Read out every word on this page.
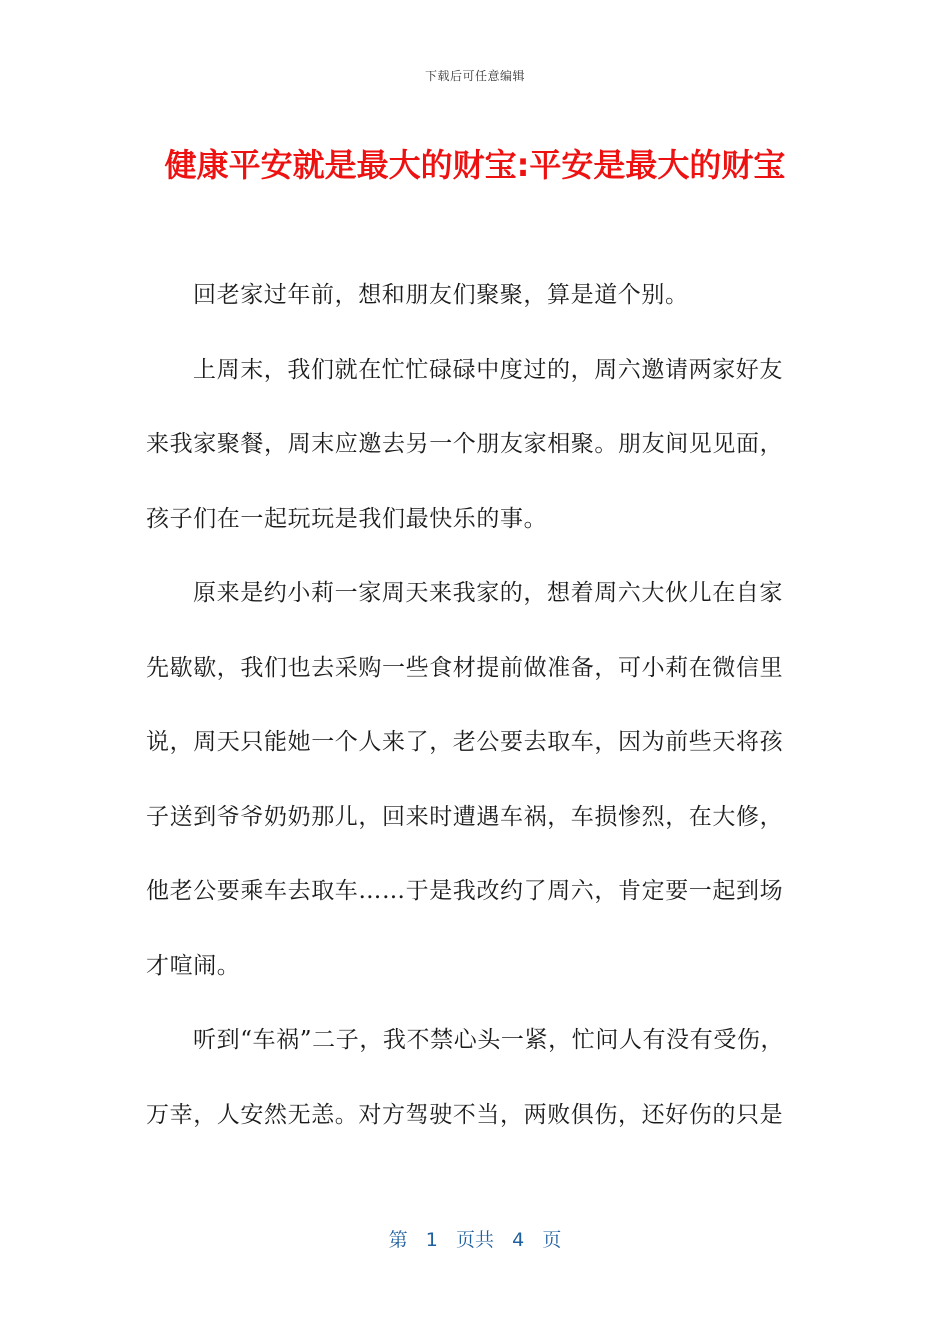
下载后可任意编辑
健康平安就是最大的财宝:平安是最大的财宝
回老家过年前，想和朋友们聚聚，算是道个别。
上周末，我们就在忙忙碌碌中度过的，周六邀请两家好友
来我家聚餐，周末应邀去另一个朋友家相聚。朋友间见见面，
孩子们在一起玩玩是我们最快乐的事。
原来是约小莉一家周天来我家的，想着周六大伙儿在自家
先歇歇，我们也去采购一些食材提前做准备，可小莉在微信里
说，周天只能她一个人来了，老公要去取车，因为前些天将孩
子送到爷爷奶奶那儿，回来时遭遇车祸，车损惨烈，在大修，
他老公要乘车去取车……于是我改约了周六，肯定要一起到场
才喧闹。
听到“车祸”二子，我不禁心头一紧，忙问人有没有受伤，
万幸，人安然无恙。对方驾驶不当，两败俱伤，还好伤的只是
第   1   页共   4   页
